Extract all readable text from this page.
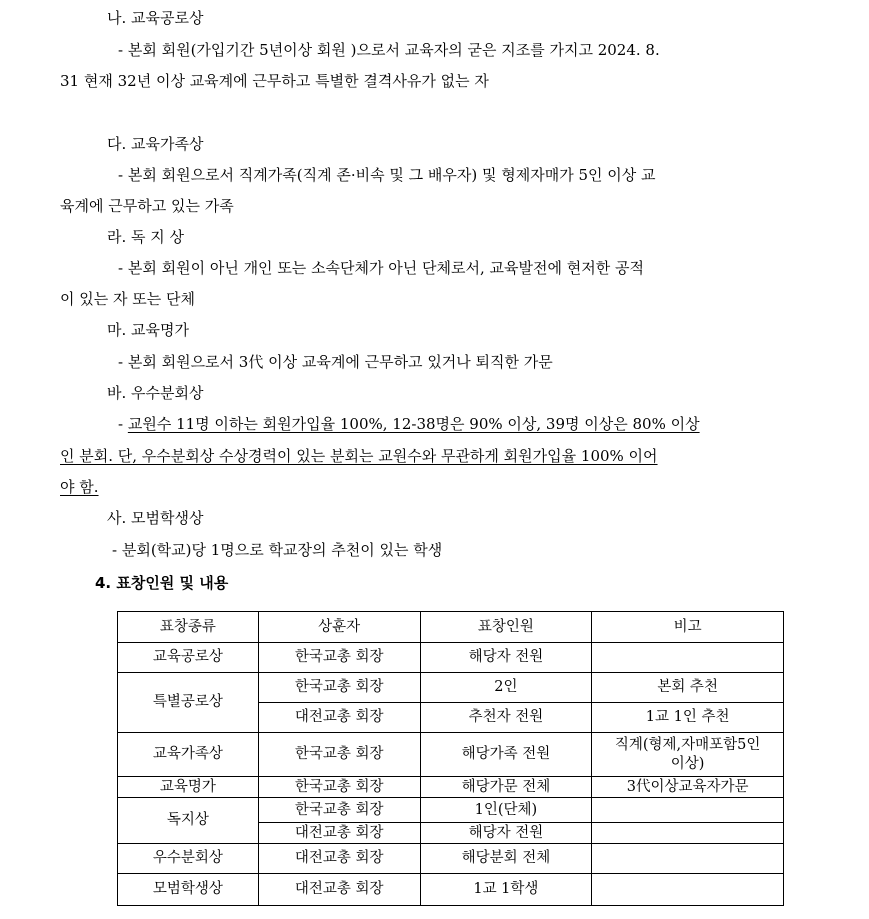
나. 교육공로상
- 본회 회원(가입기간 5년이상 회원 )으로서 교육자의 굳은 지조를 가지고 2024. 8.
31 현재 32년 이상 교육계에 근무하고 특별한 결격사유가 없는 자
다. 교육가족상
- 본회 회원으로서 직계가족(직계 존·비속 및 그 배우자) 및 형제자매가 5인 이상 교
육계에 근무하고 있는 가족
라. 독 지 상
- 본회 회원이 아닌 개인 또는 소속단체가 아닌 단체로서, 교육발전에 현저한 공적
이 있는 자 또는 단체
마. 교육명가
- 본회 회원으로서 3代 이상 교육계에 근무하고 있거나 퇴직한 가문
바. 우수분회상
- 교원수 11명 이하는 회원가입율 100%, 12-38명은 90% 이상, 39명 이상은 80% 이상
인 분회. 단, 우수분회상 수상경력이 있는 분회는 교원수와 무관하게 회원가입율 100% 이어
야 함.
사. 모범학생상
- 분회(학교)당 1명으로 학교장의 추천이 있는 학생
4. 표창인원 및 내용
표창종류	상훈자	표창인원	비고
교육공로상	한국교총 회장	해당자 전원	
특별공로상	한국교총 회장	2인	본회 추천
	대전교총 회장	추천자 전원	1교 1인 추천
교육가족상	한국교총 회장	해당가족 전원	직계(형제,자매포함5인
이상)

교육명가	한국교총 회장	해당가문 전체	3代이상교육자가문
독지상	한국교총 회장	1인(단체)	
	대전교총 회장	해당자 전원	
우수분회상	대전교총 회장	해당분회 전체	
모범학생상	대전교총 회장	1교 1학생	
